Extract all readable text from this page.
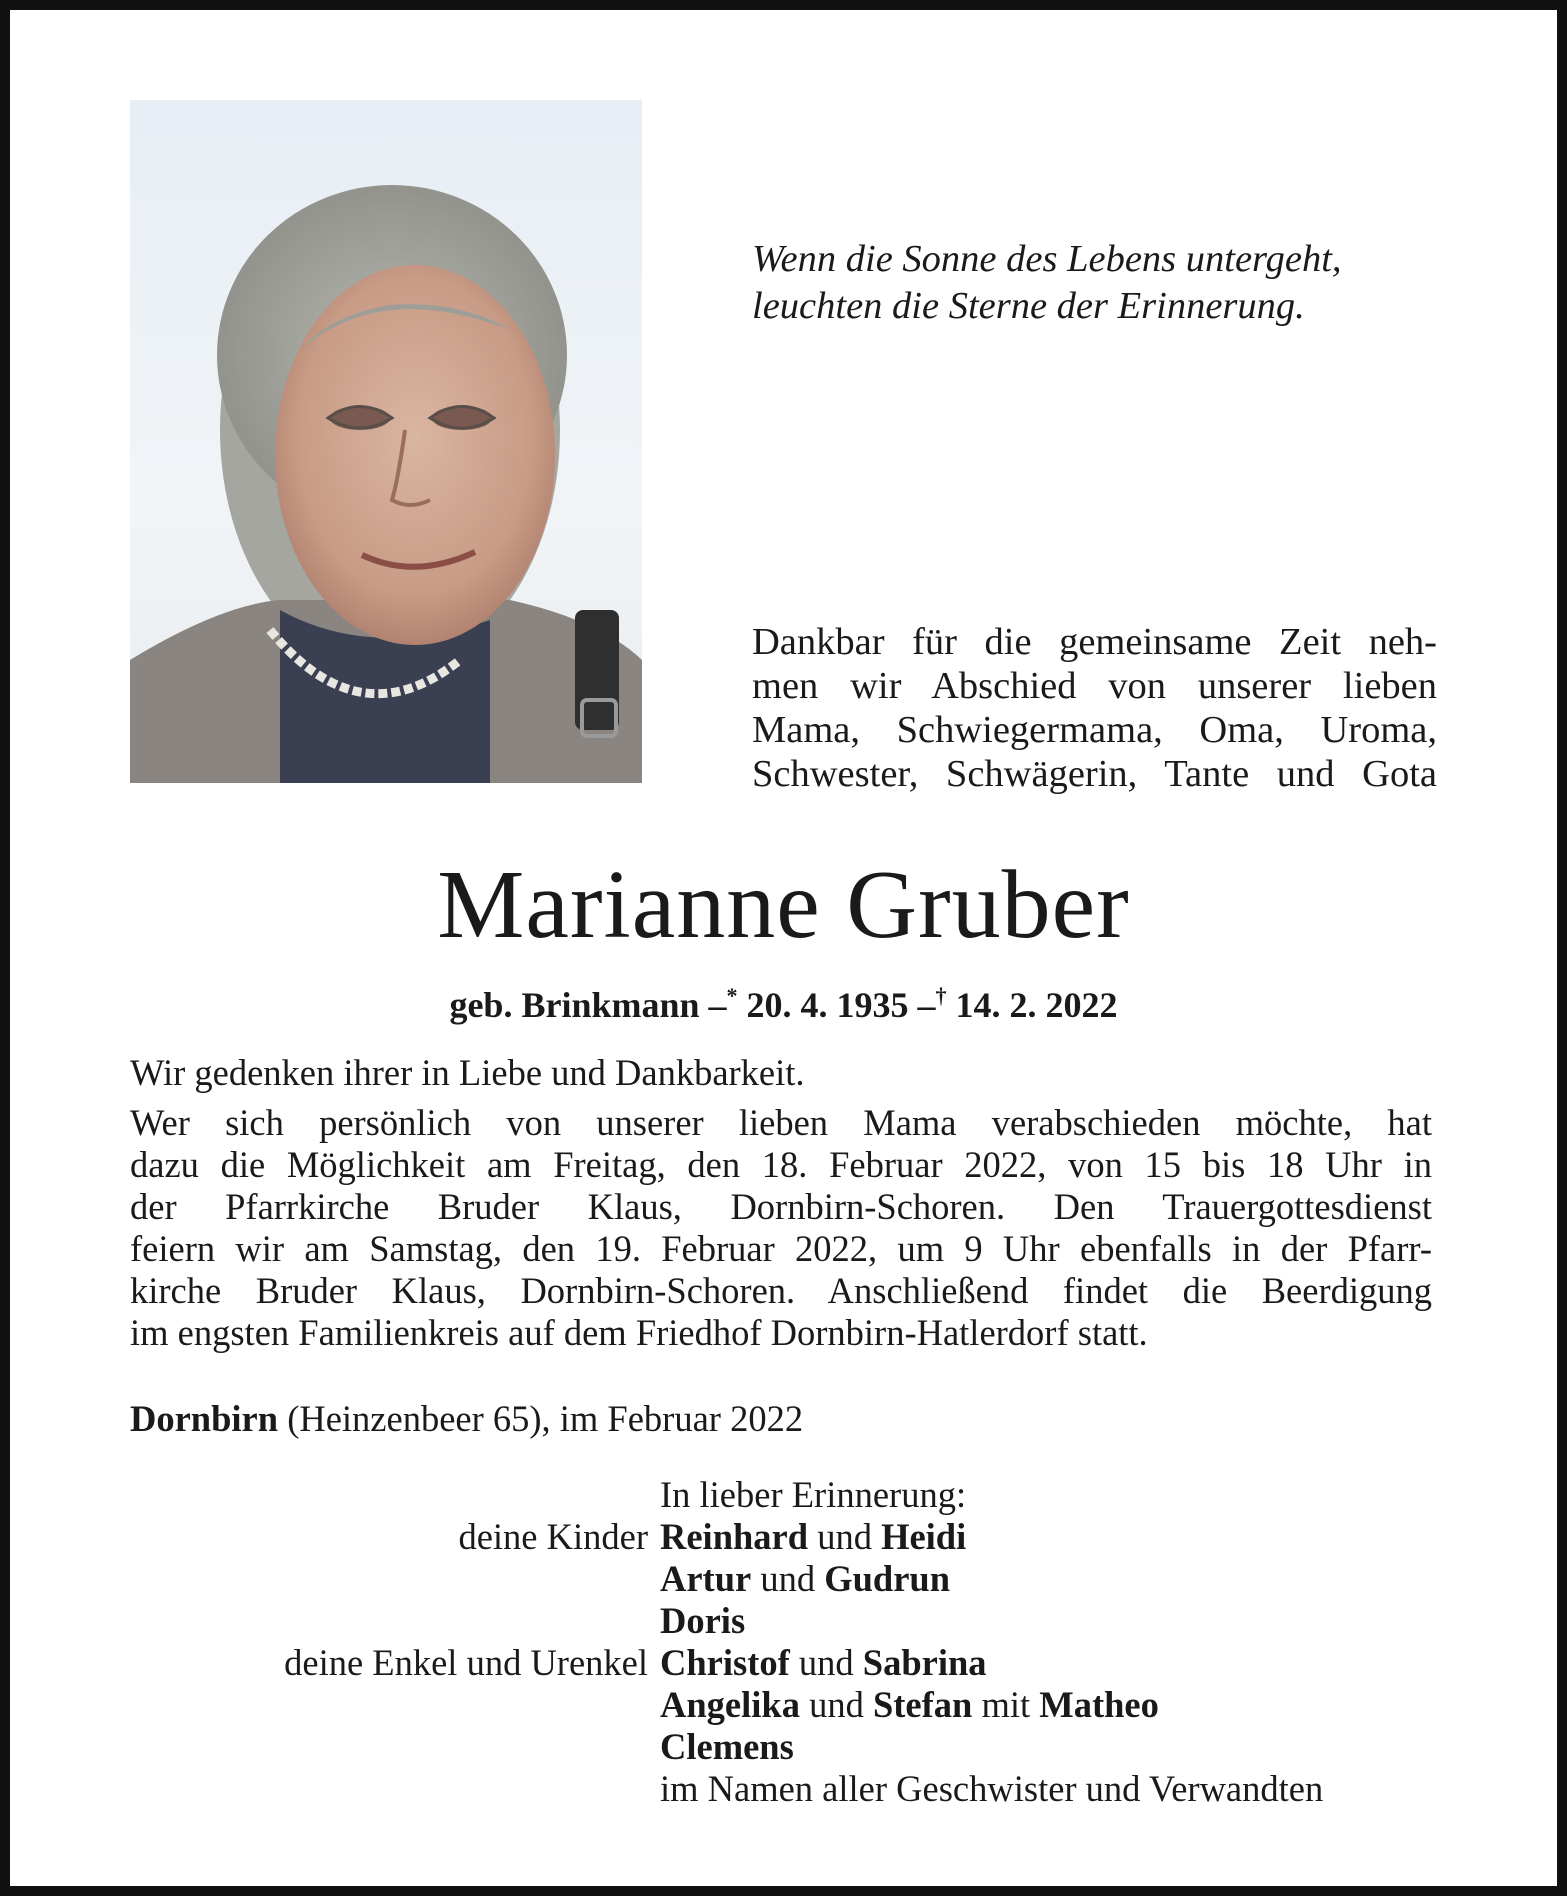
Wenn die Sonne des Lebens untergeht,
leuchten die Sterne der Erinnerung.
Dankbar für die gemeinsame Zeit neh-
men wir Abschied von unserer lieben
Mama, Schwiegermama, Oma, Uroma,
Schwester, Schwägerin, Tante und Gota
Marianne Gruber
geb. Brinkmann –* 20. 4. 1935 –† 14. 2. 2022
Wir gedenken ihrer in Liebe und Dankbarkeit.
Wer sich persönlich von unserer lieben Mama verabschieden möchte, hat
dazu die Möglichkeit am Freitag, den 18. Februar 2022, von 15 bis 18 Uhr in
der Pfarrkirche Bruder Klaus, Dornbirn-Schoren. Den Trauergottesdienst
feiern wir am Samstag, den 19. Februar 2022, um 9 Uhr ebenfalls in der Pfarr-
kirche Bruder Klaus, Dornbirn-Schoren. Anschließend findet die Beerdigung
im engsten Familienkreis auf dem Friedhof Dornbirn-Hatlerdorf statt.
Dornbirn (Heinzenbeer 65), im Februar 2022
In lieber Erinnerung:
deine Kinder Reinhard und Heidi
Artur und Gudrun
Doris
deine Enkel und Urenkel Christof und Sabrina
Angelika und Stefan mit Matheo
Clemens
im Namen aller Geschwister und Verwandten
